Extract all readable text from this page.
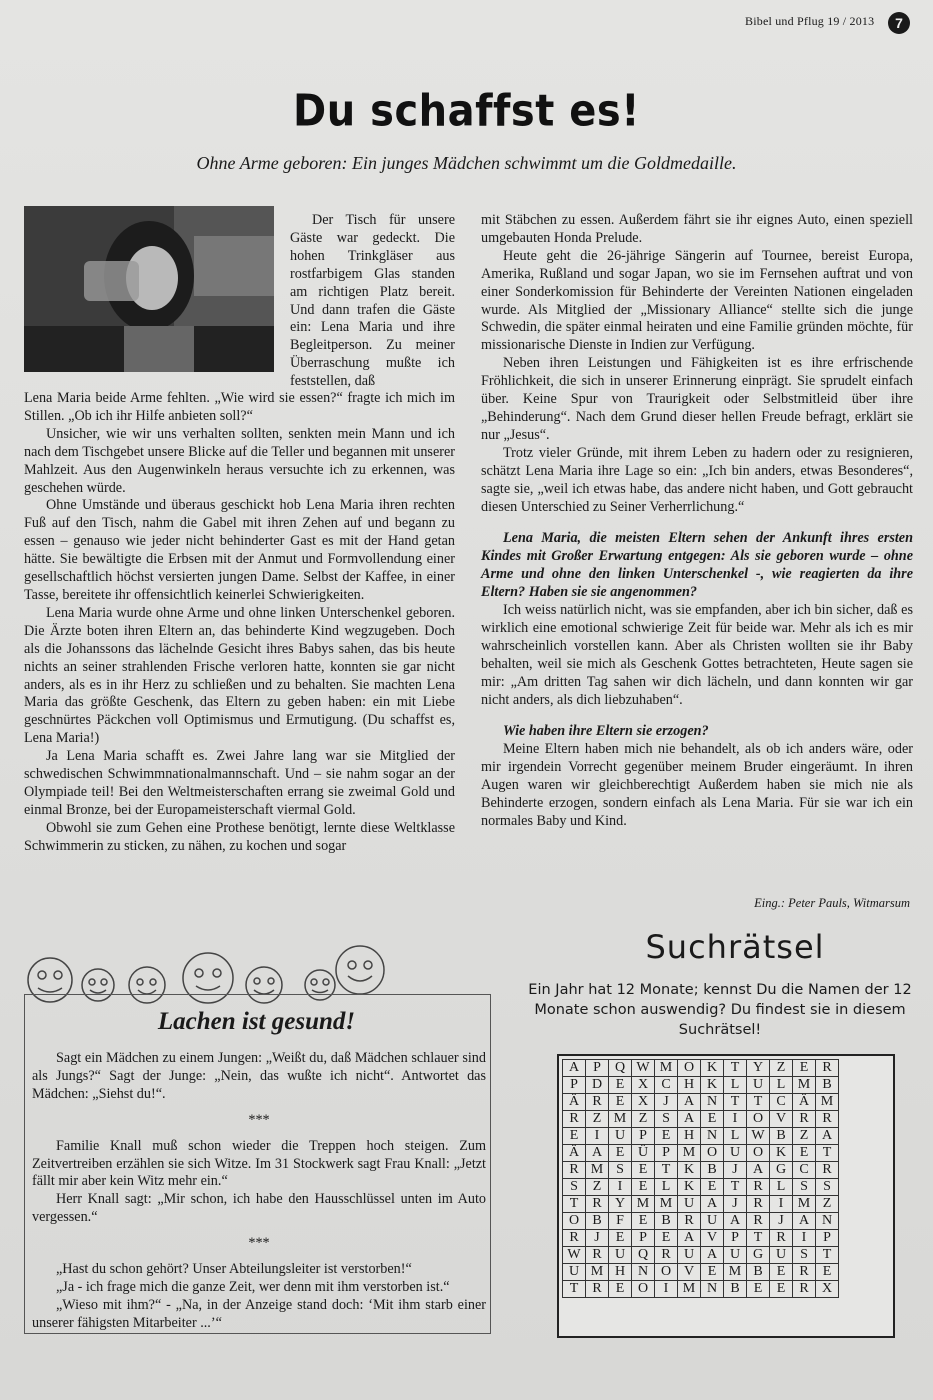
Bibel und Pflug 19 / 2013	7
Du schaffst es!
Ohne Arme geboren: Ein junges Mädchen schwimmt um die Goldmedaille.

Der Tisch für unsere Gäste war gedeckt. Die hohen Trinkgläser aus rostfarbigem Glas standen am richtigen Platz bereit. Und dann trafen die Gäste ein: Lena Maria und ihre Begleitperson. Zu meiner Überraschung mußte ich feststellen, daß

Lena Maria beide Arme fehlten. „Wie wird sie essen?“ fragte ich mich im Stillen. „Ob ich ihr Hilfe anbieten soll?“

Unsicher, wie wir uns verhalten sollten, senkten mein Mann und ich nach dem Tischgebet unsere Blicke auf die Teller und begannen mit unserer Mahlzeit. Aus den Augenwinkeln heraus versuchte ich zu erkennen, was geschehen würde.

Ohne Umstände und überaus geschickt hob Lena Maria ihren rechten Fuß auf den Tisch, nahm die Gabel mit ihren Zehen auf und begann zu essen – genauso wie jeder nicht behinderter Gast es mit der Hand getan hätte. Sie bewältigte die Erbsen mit der Anmut und Formvollendung einer gesellschaftlich höchst versierten jungen Dame. Selbst der Kaffee, in einer Tasse, bereitete ihr offensichtlich keinerlei Schwierigkeiten.

Lena Maria wurde ohne Arme und ohne linken Unterschenkel geboren. Die Ärzte boten ihren Eltern an, das behinderte Kind wegzugeben. Doch als die Johanssons das lächelnde Gesicht ihres Babys sahen, das bis heute nichts an seiner strahlenden Frische verloren hatte, konnten sie gar nicht anders, als es in ihr Herz zu schließen und zu behalten. Sie machten Lena Maria das größte Geschenk, das Eltern zu geben haben: ein mit Liebe geschnürtes Päckchen voll Optimismus und Ermutigung. (Du schaffst es, Lena Maria!)

Ja Lena Maria schafft es. Zwei Jahre lang war sie Mitglied der schwedischen Schwimmnationalmannschaft. Und – sie nahm sogar an der Olympiade teil! Bei den Weltmeisterschaften errang sie zweimal Gold und einmal Bronze, bei der Europameisterschaft viermal Gold.

Obwohl sie zum Gehen eine Prothese benötigt, lernte diese Weltklasse Schwimmerin zu sticken, zu nähen, zu kochen und sogar

mit Stäbchen zu essen. Außerdem fährt sie ihr eignes Auto, einen speziell umgebauten Honda Prelude.

Heute geht die 26-jährige Sängerin auf Tournee, bereist Europa, Amerika, Rußland und sogar Japan, wo sie im Fernsehen auftrat und von einer Sonderkomission für Behinderte der Vereinten Nationen eingeladen wurde. Als Mitglied der „Missionary Alliance“ stellte sich die junge Schwedin, die später einmal heiraten und eine Familie gründen möchte, für missionarische Dienste in Indien zur Verfügung.

Neben ihren Leistungen und Fähigkeiten ist es ihre erfrischende Fröhlichkeit, die sich in unserer Erinnerung einprägt. Sie sprudelt einfach über. Keine Spur von Traurigkeit oder Selbstmitleid über ihre „Behinderung“. Nach dem Grund dieser hellen Freude befragt, erklärt sie nur „Jesus“.

Trotz vieler Gründe, mit ihrem Leben zu hadern oder zu resignieren, schätzt Lena Maria ihre Lage so ein: „Ich bin anders, etwas Besonderes“, sagte sie, „weil ich etwas habe, das andere nicht haben, und Gott gebraucht diesen Unterschied zu Seiner Verherrlichung.“

Lena Maria, die meisten Eltern sehen der Ankunft ihres ersten Kindes mit Großer Erwartung entgegen: Als sie geboren wurde – ohne Arme und ohne den linken Unterschenkel -, wie reagierten da ihre Eltern? Haben sie sie angenommen?

Ich weiss natürlich nicht, was sie empfanden, aber ich bin sicher, daß es wirklich eine emotional schwierige Zeit für beide war. Mehr als ich es mir wahrscheinlich vorstellen kann. Aber als Christen wollten sie ihr Baby behalten, weil sie mich als Geschenk Gottes betrachteten, Heute sagen sie mir: „Am dritten Tag sahen wir dich lächeln, und dann konnten wir gar nicht anders, als dich liebzuhaben“.

Wie haben ihre Eltern sie erzogen?

Meine Eltern haben mich nie behandelt, als ob ich anders wäre, oder mir irgendein Vorrecht gegenüber meinem Bruder eingeräumt. In ihren Augen waren wir gleichberechtigt Außerdem haben sie mich nie als Behinderte erzogen, sondern einfach als Lena Maria. Für sie war ich ein normales Baby und Kind.

Eing.: Peter Pauls, Witmarsum
Lachen ist gesund!

Sagt ein Mädchen zu einem Jungen: „Weißt du, daß Mädchen schlauer sind als Jungs?“ Sagt der Junge: „Nein, das wußte ich nicht“. Antwortet das Mädchen: „Siehst du!“.

***

Familie Knall muß schon wieder die Treppen hoch steigen. Zum Zeitvertreiben erzählen sie sich Witze. Im 31 Stockwerk sagt Frau Knall: „Jetzt fällt mir aber kein Witz mehr ein.“

Herr Knall sagt: „Mir schon, ich habe den Hausschlüssel unten im Auto vergessen.“

***

„Hast du schon gehört? Unser Abteilungsleiter ist verstorben!“

„Ja - ich frage mich die ganze Zeit, wer denn mit ihm verstorben ist.“

„Wieso mit ihm?“ - „Na, in der Anzeige stand doch: ‘Mit ihm starb einer unserer fähigsten Mitarbeiter ...’“

Suchrätsel
Ein Jahr hat 12 Monate; kennst Du die Namen der 12 Monate schon auswendig? Du findest sie in diesem Suchrätsel!
A	P	Q	W	M	O	K	T	Y	Z	E	R
P	D	E	X	C	H	K	L	U	L	M	B
Ä	R	E	X	J	A	N	T	T	C	Ä	M
R	Z	M	Z	S	A	E	I	O	V	R	R
E	I	U	P	E	H	N	L	W	B	Z	A
Ä	A	E	Ü	P	M	O	U	O	K	E	T
R	M	S	E	T	K	B	J	A	G	C	R
S	Z	I	E	L	K	E	T	R	L	S	S
T	R	Y	M	M	U	A	J	R	I	M	Z
O	B	F	E	B	R	U	A	R	J	A	N
R	J	E	P	E	A	V	P	T	R	I	P
W	R	U	Q	R	U	A	U	G	U	S	T
U	M	H	N	O	V	E	M	B	E	R	E
T	R	E	O	I	M	N	B	E	E	R	X
